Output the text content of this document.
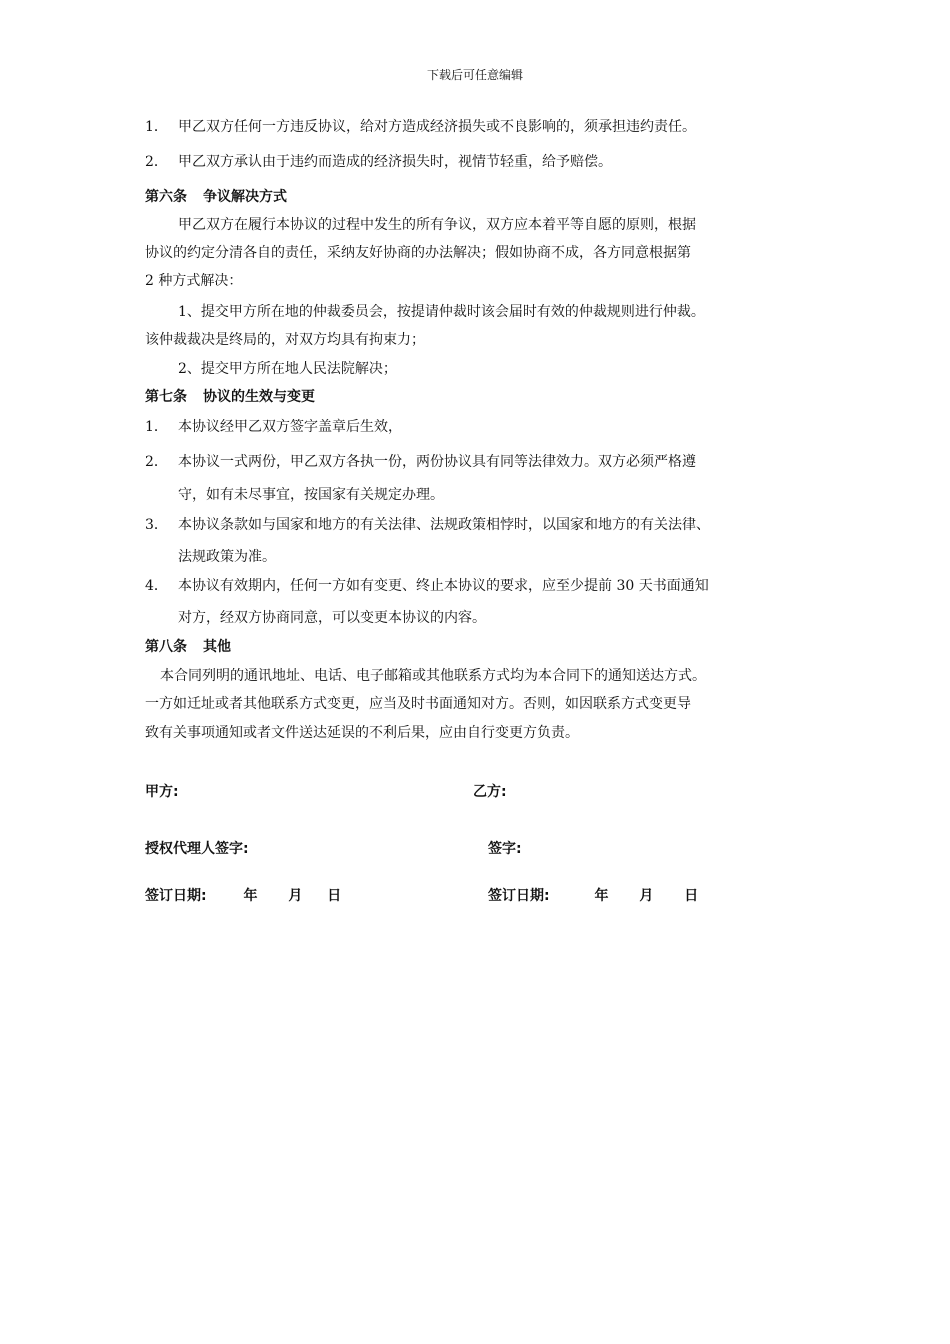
下载后可任意编辑
1． 甲乙双方任何一方违反协议，给对方造成经济损失或不良影响的，须承担违约责任。
2． 甲乙双方承认由于违约而造成的经济损失时，视情节轻重，给予赔偿。
第六条 争议解决方式
甲乙双方在履行本协议的过程中发生的所有争议，双方应本着平等自愿的原则，根据
协议的约定分清各自的责任，采纳友好协商的办法解决；假如协商不成，各方同意根据第
2 种方式解决：
1、提交甲方所在地的仲裁委员会，按提请仲裁时该会届时有效的仲裁规则进行仲裁。
该仲裁裁决是终局的，对双方均具有拘束力；
2、提交甲方所在地人民法院解决；
第七条 协议的生效与变更
1． 本协议经甲乙双方签字盖章后生效，
2． 本协议一式两份，甲乙双方各执一份，两份协议具有同等法律效力。双方必须严格遵
守，如有未尽事宜，按国家有关规定办理。
3． 本协议条款如与国家和地方的有关法律、法规政策相悖时，以国家和地方的有关法律、
法规政策为准。
4． 本协议有效期内，任何一方如有变更、终止本协议的要求，应至少提前 30 天书面通知
对方，经双方协商同意，可以变更本协议的内容。
第八条 其他
本合同列明的通讯地址、电话、电子邮箱或其他联系方式均为本合同下的通知送达方式。
一方如迁址或者其他联系方式变更，应当及时书面通知对方。否则，如因联系方式变更导
致有关事项通知或者文件送达延误的不利后果，应由自行变更方负责。
甲方:	乙方:
授权代理人签字:	签字:
签订日期:	年 月 日	签订日期:	年 月 日
